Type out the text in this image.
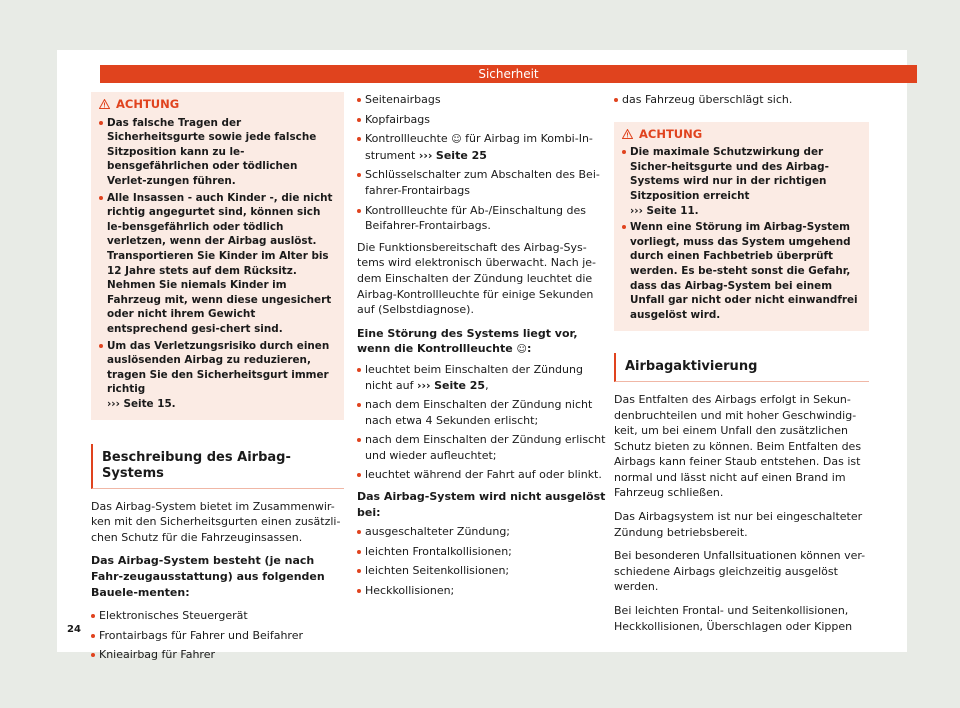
Sicherheit
ACHTUNG
Das falsche Tragen der Sicherheitsgurte sowie jede falsche Sitzposition kann zu le-bensgefährlichen oder tödlichen Verlet-zungen führen.
Alle Insassen - auch Kinder -, die nicht richtig angegurtet sind, können sich le-bensgefährlich oder tödlich verletzen, wenn der Airbag auslöst. Transportieren Sie Kinder im Alter bis 12 Jahre stets auf dem Rücksitz. Nehmen Sie niemals Kinder im Fahrzeug mit, wenn diese ungesichert oder nicht ihrem Gewicht entsprechend gesi-chert sind.
Um das Verletzungsrisiko durch einen auslösenden Airbag zu reduzieren, tragen Sie den Sicherheitsgurt immer richtig
››› Seite 15.
Beschreibung des Airbag-Systems

Das Airbag-System bietet im Zusammenwir-ken mit den Sicherheitsgurten einen zusätzli-chen Schutz für die Fahrzeuginsassen.

Das Airbag-System besteht (je nach Fahr-zeugausstattung) aus folgenden Bauele-menten:

Elektronisches Steuergerät
Frontairbags für Fahrer und Beifahrer
Knieairbag für Fahrer
Seitenairbags
Kopfairbags
Kontrollleuchte ☺ für Airbag im Kombi-In-strument ››› Seite 25
Schlüsselschalter zum Abschalten des Bei-fahrer-Frontairbags
Kontrollleuchte für Ab-/Einschaltung des Beifahrer-Frontairbags.

Die Funktionsbereitschaft des Airbag-Sys-tems wird elektronisch überwacht. Nach je-dem Einschalten der Zündung leuchtet die Airbag-Kontrollleuchte für einige Sekunden auf (Selbstdiagnose).

Eine Störung des Systems liegt vor, wenn die Kontrollleuchte ☺:

leuchtet beim Einschalten der Zündung nicht auf ››› Seite 25,
nach dem Einschalten der Zündung nicht nach etwa 4 Sekunden erlischt;
nach dem Einschalten der Zündung erlischt und wieder aufleuchtet;
leuchtet während der Fahrt auf oder blinkt.

Das Airbag-System wird nicht ausgelöst bei:

ausgeschalteter Zündung;
leichten Frontalkollisionen;
leichten Seitenkollisionen;
Heckkollisionen;
das Fahrzeug überschlägt sich.
ACHTUNG
Die maximale Schutzwirkung der Sicher-heitsgurte und des Airbag-Systems wird nur in der richtigen Sitzposition erreicht
››› Seite 11.
Wenn eine Störung im Airbag-System vorliegt, muss das System umgehend durch einen Fachbetrieb überprüft werden. Es be-steht sonst die Gefahr, dass das Airbag-System bei einem Unfall gar nicht oder nicht einwandfrei ausgelöst wird.
Airbagaktivierung

Das Entfalten des Airbags erfolgt in Sekun-denbruchteilen und mit hoher Geschwindig-keit, um bei einem Unfall den zusätzlichen Schutz bieten zu können. Beim Entfalten des Airbags kann feiner Staub entstehen. Das ist normal und lässt nicht auf einen Brand im Fahrzeug schließen.

Das Airbagsystem ist nur bei eingeschalteter Zündung betriebsbereit.

Bei besonderen Unfallsituationen können ver-schiedene Airbags gleichzeitig ausgelöst werden.

Bei leichten Frontal- und Seitenkollisionen, Heckkollisionen, Überschlagen oder Kippen

24
